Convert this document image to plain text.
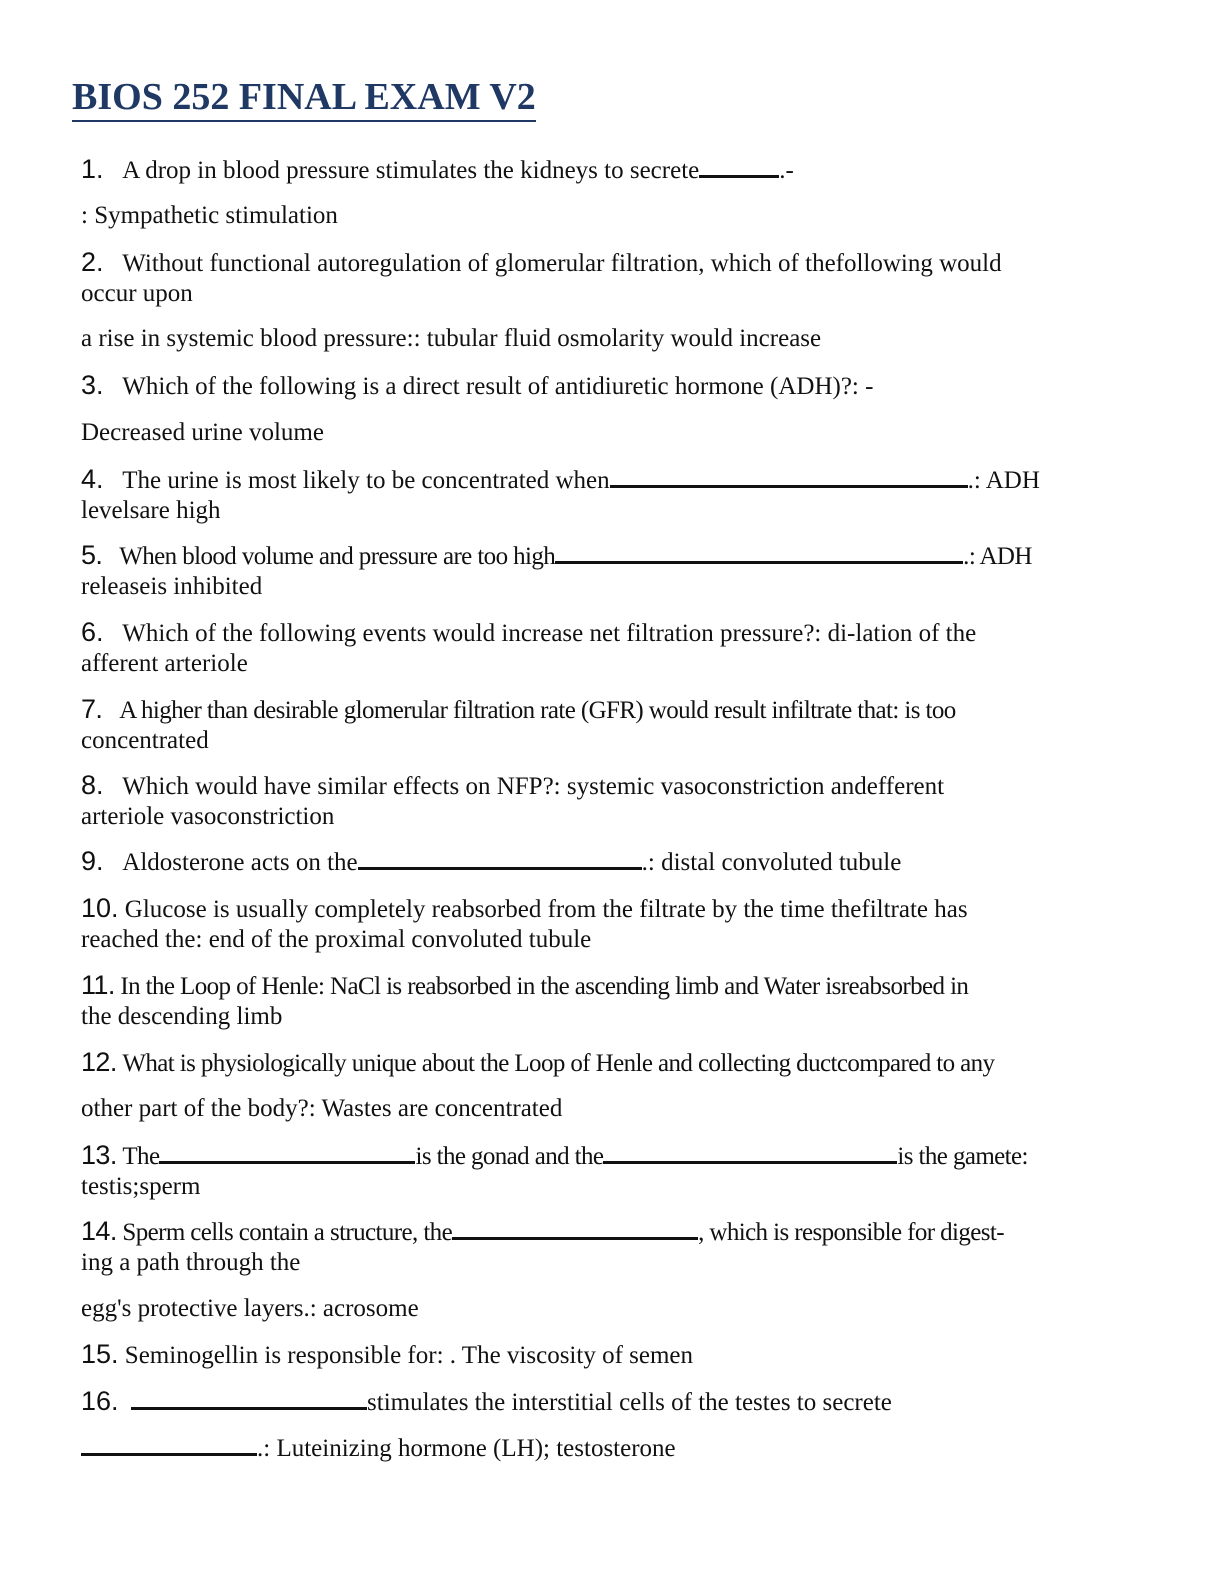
BIOS 252 FINAL EXAM V2
1. A drop in blood pressure stimulates the kidneys to secrete	.-
: Sympathetic stimulation
2. Without functional autoregulation of glomerular filtration, which of thefollowing would
occur upon
a rise in systemic blood pressure:: tubular fluid osmolarity would increase
3. Which of the following is a direct result of antidiuretic hormone (ADH)?: -
Decreased urine volume
4. The urine is most likely to be concentrated when	.: ADH
levelsare high
5. When blood volume and pressure are too high	.: ADH
releaseis inhibited
6. Which of the following events would increase net filtration pressure?: di-lation of the
afferent arteriole
7. A higher than desirable glomerular filtration rate (GFR) would result infiltrate that: is too
concentrated
8. Which would have similar effects on NFP?: systemic vasoconstriction andefferent
arteriole vasoconstriction
9. Aldosterone acts on the	.: distal convoluted tubule
10. Glucose is usually completely reabsorbed from the filtrate by the time thefiltrate has
reached the: end of the proximal convoluted tubule
11. In the Loop of Henle: NaCl is reabsorbed in the ascending limb and Water isreabsorbed in
the descending limb
12. What is physiologically unique about the Loop of Henle and collecting ductcompared to any
other part of the body?: Wastes are concentrated
13. The	is the gonad and the	is the gamete:
testis;sperm
14. Sperm cells contain a structure, the	, which is responsible for digest-
ing a path through the
egg's protective layers.: acrosome
15. Seminogellin is responsible for: . The viscosity of semen
16.	stimulates the interstitial cells of the testes to secrete
.: Luteinizing hormone (LH); testosterone
